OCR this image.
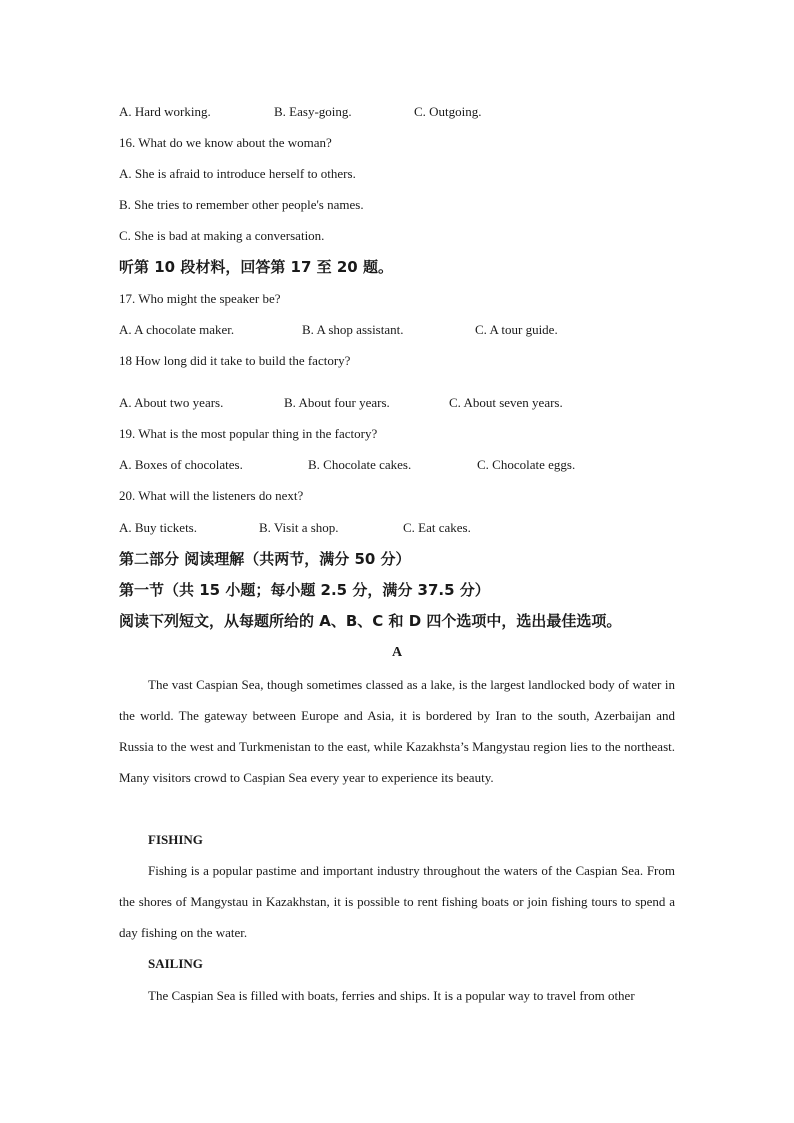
A. Hard working.	B. Easy-going.	C. Outgoing.
16. What do we know about the woman?
A. She is afraid to introduce herself to others.
B. She tries to remember other people's names.
C. She is bad at making a conversation.
听第 10 段材料，回答第 17 至 20 题。
17. Who might the speaker be?
A. A chocolate maker.	B. A shop assistant.	C. A tour guide.
18 How long did it take to build the factory?
A. About two years.	B. About four years.	C. About seven years.
19. What is the most popular thing in the factory?
A. Boxes of chocolates.	B. Chocolate cakes.	C. Chocolate eggs.
20. What will the listeners do next?
A. Buy tickets.	B. Visit a shop.	C. Eat cakes.
第二部分 阅读理解（共两节，满分 50 分）
第一节（共 15 小题；每小题 2.5 分，满分 37.5 分）
阅读下列短文，从每题所给的 A、B、C 和 D 四个选项中，选出最佳选项。
A

The vast Caspian Sea, though sometimes classed as a lake, is the largest landlocked body of water in the world. The gateway between Europe and Asia, it is bordered by Iran to the south, Azerbaijan and Russia to the west and Turkmenistan to the east, while Kazakhsta’s Mangystau region lies to the northeast. Many visitors crowd to Caspian Sea every year to experience its beauty.

FISHING

Fishing is a popular pastime and important industry throughout the waters of the Caspian Sea. From the shores of Mangystau in Kazakhstan, it is possible to rent fishing boats or join fishing tours to spend a day fishing on the water.

SAILING

The Caspian Sea is filled with boats, ferries and ships. It is a popular way to travel from other
